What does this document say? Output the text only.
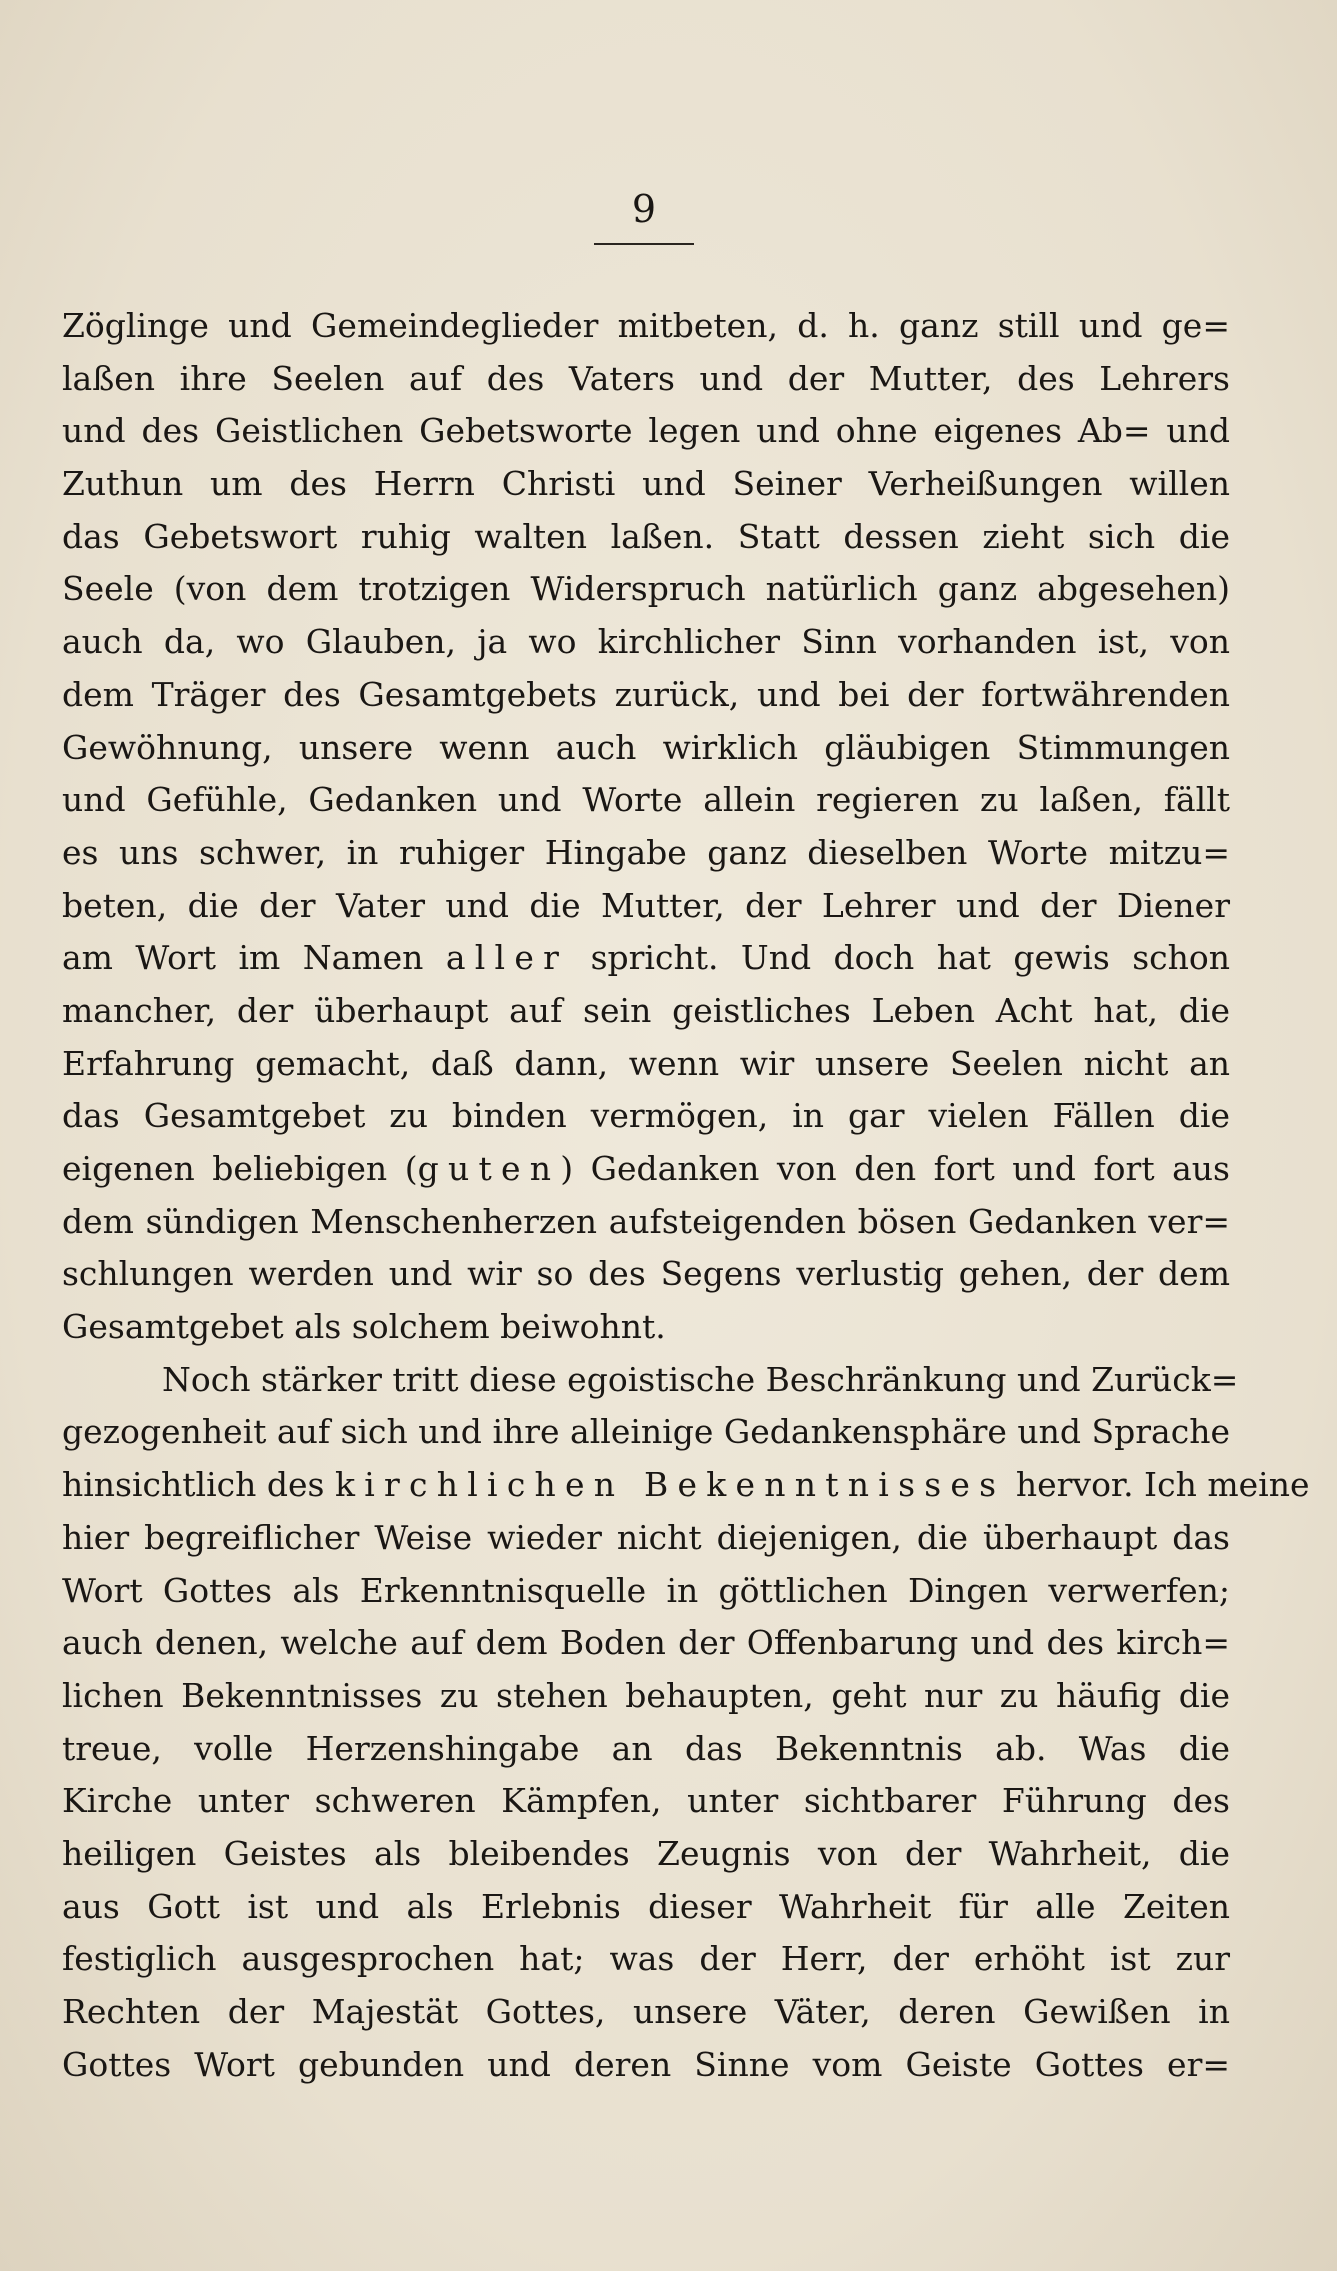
9
Zöglinge und Gemeindeglieder mitbeten, d. h. ganz still und ge=
laßen ihre Seelen auf des Vaters und der Mutter, des Lehrers
und des Geistlichen Gebetsworte legen und ohne eigenes Ab= und
Zuthun um des Herrn Christi und Seiner Verheißungen willen
das Gebetswort ruhig walten laßen. Statt dessen zieht sich die
Seele (von dem trotzigen Widerspruch natürlich ganz abgesehen)
auch da, wo Glauben, ja wo kirchlicher Sinn vorhanden ist, von
dem Träger des Gesamtgebets zurück, und bei der fortwährenden
Gewöhnung, unsere wenn auch wirklich gläubigen Stimmungen
und Gefühle, Gedanken und Worte allein regieren zu laßen, fällt
es uns schwer, in ruhiger Hingabe ganz dieselben Worte mitzu=
beten, die der Vater und die Mutter, der Lehrer und der Diener
am Wort im Namen aller spricht. Und doch hat gewis schon
mancher, der überhaupt auf sein geistliches Leben Acht hat, die
Erfahrung gemacht, daß dann, wenn wir unsere Seelen nicht an
das Gesamtgebet zu binden vermögen, in gar vielen Fällen die
eigenen beliebigen (guten) Gedanken von den fort und fort aus
dem sündigen Menschenherzen aufsteigenden bösen Gedanken ver=
schlungen werden und wir so des Segens verlustig gehen, der dem
Gesamtgebet als solchem beiwohnt.
Noch stärker tritt diese egoistische Beschränkung und Zurück=
gezogenheit auf sich und ihre alleinige Gedankensphäre und Sprache
hinsichtlich des kirchlichen Bekenntnisses hervor. Ich meine
hier begreiflicher Weise wieder nicht diejenigen, die überhaupt das
Wort Gottes als Erkenntnisquelle in göttlichen Dingen verwerfen;
auch denen, welche auf dem Boden der Offenbarung und des kirch=
lichen Bekenntnisses zu stehen behaupten, geht nur zu häufig die
treue, volle Herzenshingabe an das Bekenntnis ab. Was die
Kirche unter schweren Kämpfen, unter sichtbarer Führung des
heiligen Geistes als bleibendes Zeugnis von der Wahrheit, die
aus Gott ist und als Erlebnis dieser Wahrheit für alle Zeiten
festiglich ausgesprochen hat; was der Herr, der erhöht ist zur
Rechten der Majestät Gottes, unsere Väter, deren Gewißen in
Gottes Wort gebunden und deren Sinne vom Geiste Gottes er=
